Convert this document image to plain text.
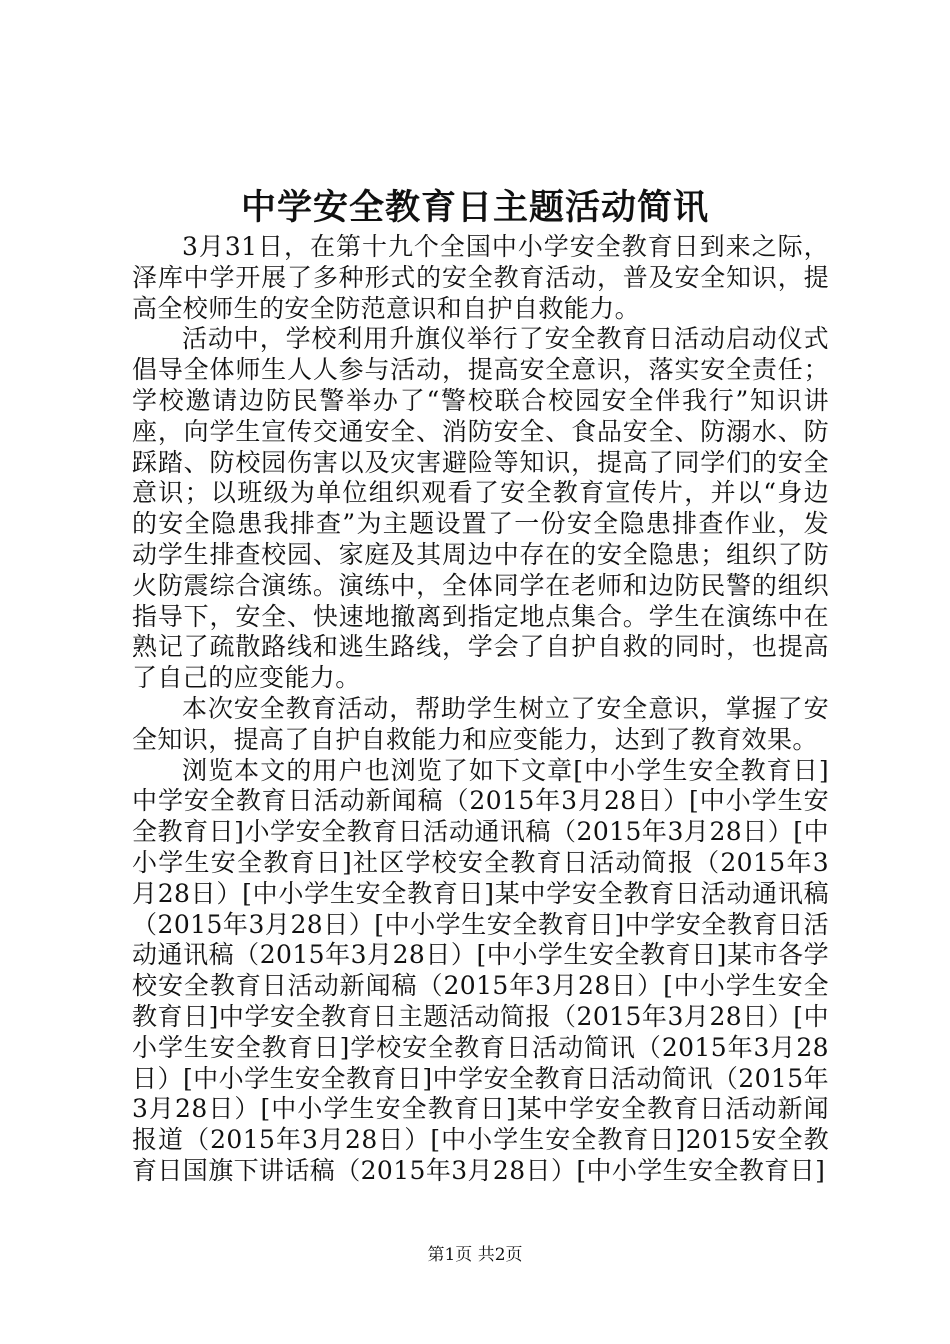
中学安全教育日主题活动简讯

3月31日，在第十九个全国中小学安全教育日到来之际，泽库中学开展了多种形式的安全教育活动，普及安全知识，提高全校师生的安全防范意识和自护自救能力。

活动中，学校利用升旗仪举行了安全教育日活动启动仪式倡导全体师生人人参与活动，提高安全意识，落实安全责任；学校邀请边防民警举办了“警校联合校园安全伴我行”知识讲座，向学生宣传交通安全、消防安全、食品安全、防溺水、防踩踏、防校园伤害以及灾害避险等知识，提高了同学们的安全意识；以班级为单位组织观看了安全教育宣传片，并以“身边的安全隐患我排查”为主题设置了一份安全隐患排查作业，发动学生排查校园、家庭及其周边中存在的安全隐患；组织了防火防震综合演练。演练中，全体同学在老师和边防民警的组织指导下，安全、快速地撤离到指定地点集合。学生在演练中在熟记了疏散路线和逃生路线，学会了自护自救的同时，也提高了自己的应变能力。

本次安全教育活动，帮助学生树立了安全意识，掌握了安全知识，提高了自护自救能力和应变能力，达到了教育效果。

浏览本文的用户也浏览了如下文章[中小学生安全教育日]中学安全教育日活动新闻稿（2015年3月28日）[中小学生安全教育日]小学安全教育日活动通讯稿（2015年3月28日）[中小学生安全教育日]社区学校安全教育日活动简报（2015年3月28日）[中小学生安全教育日]某中学安全教育日活动通讯稿（2015年3月28日）[中小学生安全教育日]中学安全教育日活动通讯稿（2015年3月28日）[中小学生安全教育日]某市各学校安全教育日活动新闻稿（2015年3月28日）[中小学生安全教育日]中学安全教育日主题活动简报（2015年3月28日）[中小学生安全教育日]学校安全教育日活动简讯（2015年3月28日）[中小学生安全教育日]中学安全教育日活动简讯（2015年3月28日）[中小学生安全教育日]某中学安全教育日活动新闻报道（2015年3月28日）[中小学生安全教育日]2015安全教育日国旗下讲话稿（2015年3月28日）[中小学生安全教育日]

第1页 共2页
